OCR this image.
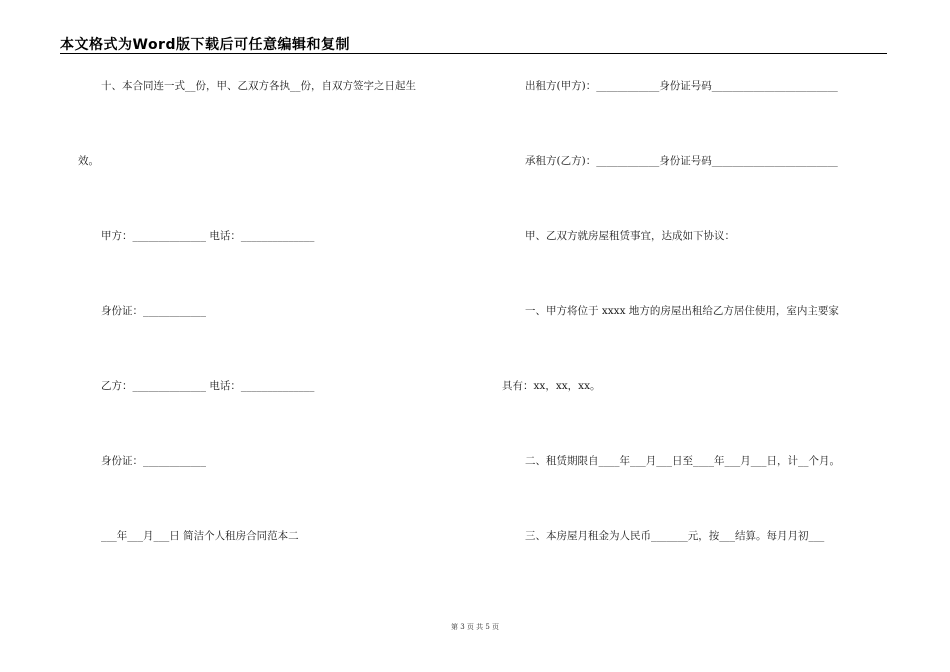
本文格式为Word版下载后可任意编辑和复制
十、本合同连一式__份，甲、乙双方各执__份，自双方签字之日起生
效。
甲方：______________ 电话：______________
身份证：____________
乙方：______________ 电话：______________
身份证：____________
___年___月___日 简洁个人租房合同范本二
出租方(甲方)：____________身份证号码________________________
承租方(乙方)：____________身份证号码________________________
甲、乙双方就房屋租赁事宜，达成如下协议：
一、甲方将位于 xxxx 地方的房屋出租给乙方居住使用，室内主要家
具有：xx，xx，xx。
二、租赁期限自____年___月___日至____年___月___日，计__个月。
三、本房屋月租金为人民币_______元，按___结算。每月月初___
第 3 页 共 5 页
